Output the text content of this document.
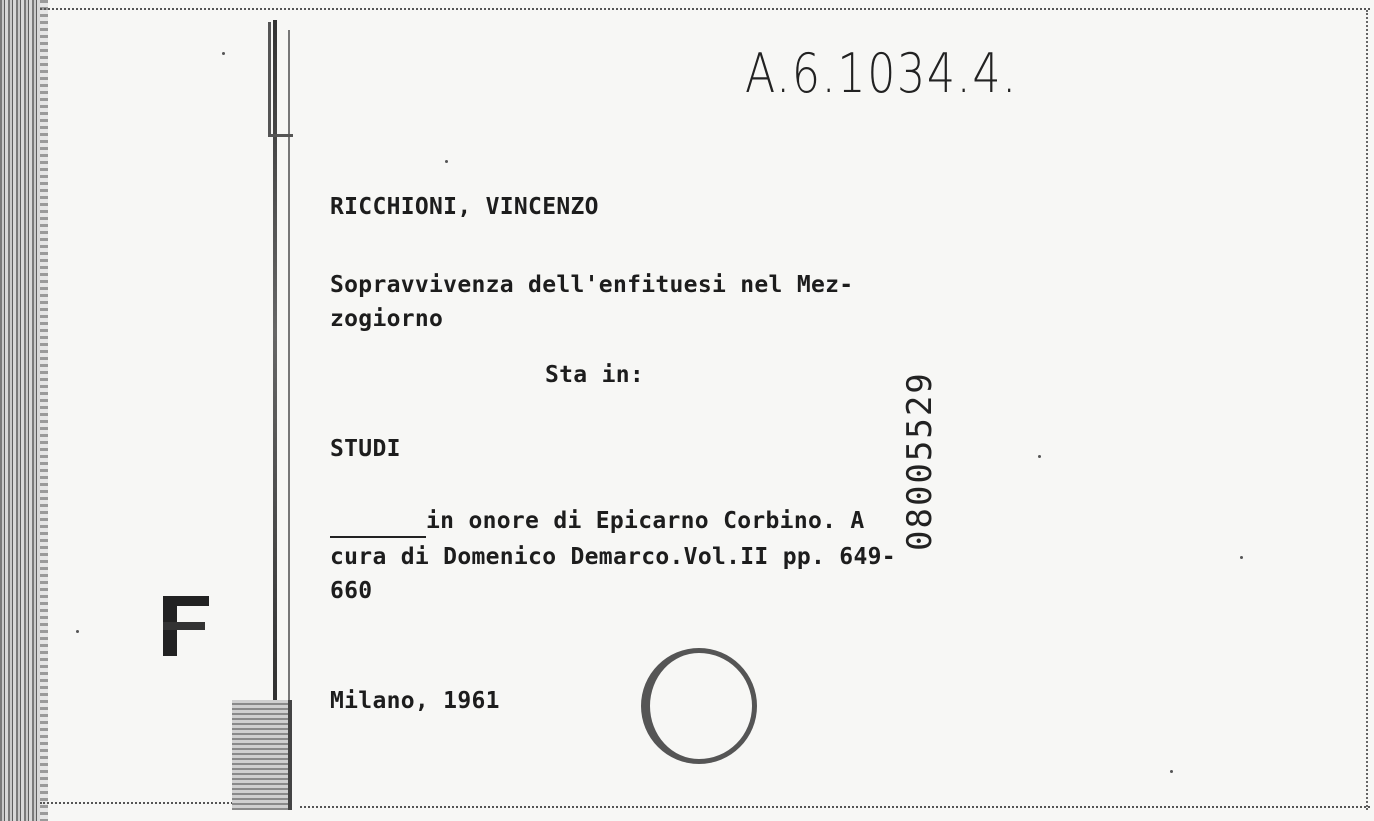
A.6.1034.4.
RICCHIONI, VINCENZO
Sopravvivenza dell'enfituesi nel Mez-
zogiorno
Sta in:
STUDI
in onore di Epicarno Corbino. A
cura di Domenico Demarco.Vol.II pp. 649-
660
Milano, 1961
08005529
